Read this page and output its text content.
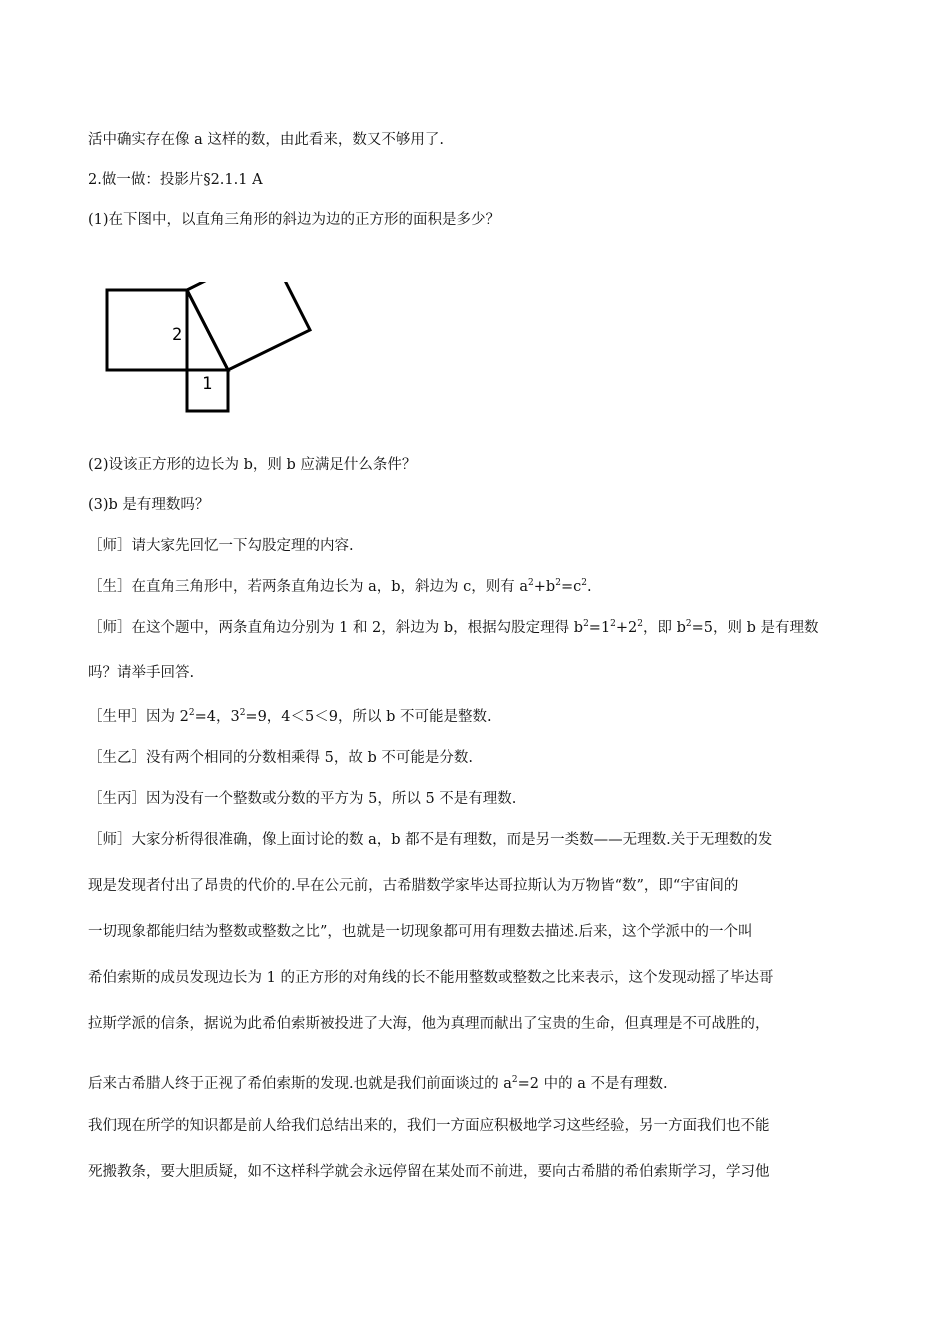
活中确实存在像 a 这样的数，由此看来，数又不够用了.
2.做一做：投影片§2.1.1 A
(1)在下图中，以直角三角形的斜边为边的正方形的面积是多少？
2
1
(2)设该正方形的边长为 b，则 b 应满足什么条件？
(3)b 是有理数吗？
［师］请大家先回忆一下勾股定理的内容.
［生］在直角三角形中，若两条直角边长为 a，b，斜边为 c，则有 $a^2+b^2=c^2$.
［师］在这个题中，两条直角边分别为 1 和 2，斜边为 b，根据勾股定理得 $b^2=1^2+2^2$，即 $b^2=5$，则 b 是有理数
吗？请举手回答.
［生甲］因为 $2^2=4$，$3^2=9$，4＜5＜9，所以 b 不可能是整数.
［生乙］没有两个相同的分数相乘得 5，故 b 不可能是分数.
［生丙］因为没有一个整数或分数的平方为 5，所以 5 不是有理数.
［师］大家分析得很准确，像上面讨论的数 a，b 都不是有理数，而是另一类数——无理数.关于无理数的发
现是发现者付出了昂贵的代价的.早在公元前，古希腊数学家毕达哥拉斯认为万物皆“数”，即“宇宙间的
一切现象都能归结为整数或整数之比”，也就是一切现象都可用有理数去描述.后来，这个学派中的一个叫
希伯索斯的成员发现边长为 1 的正方形的对角线的长不能用整数或整数之比来表示，这个发现动摇了毕达哥
拉斯学派的信条，据说为此希伯索斯被投进了大海，他为真理而献出了宝贵的生命，但真理是不可战胜的，
后来古希腊人终于正视了希伯索斯的发现.也就是我们前面谈过的 $a^2=2$ 中的 a 不是有理数.
我们现在所学的知识都是前人给我们总结出来的，我们一方面应积极地学习这些经验，另一方面我们也不能
死搬教条，要大胆质疑，如不这样科学就会永远停留在某处而不前进，要向古希腊的希伯索斯学习，学习他
